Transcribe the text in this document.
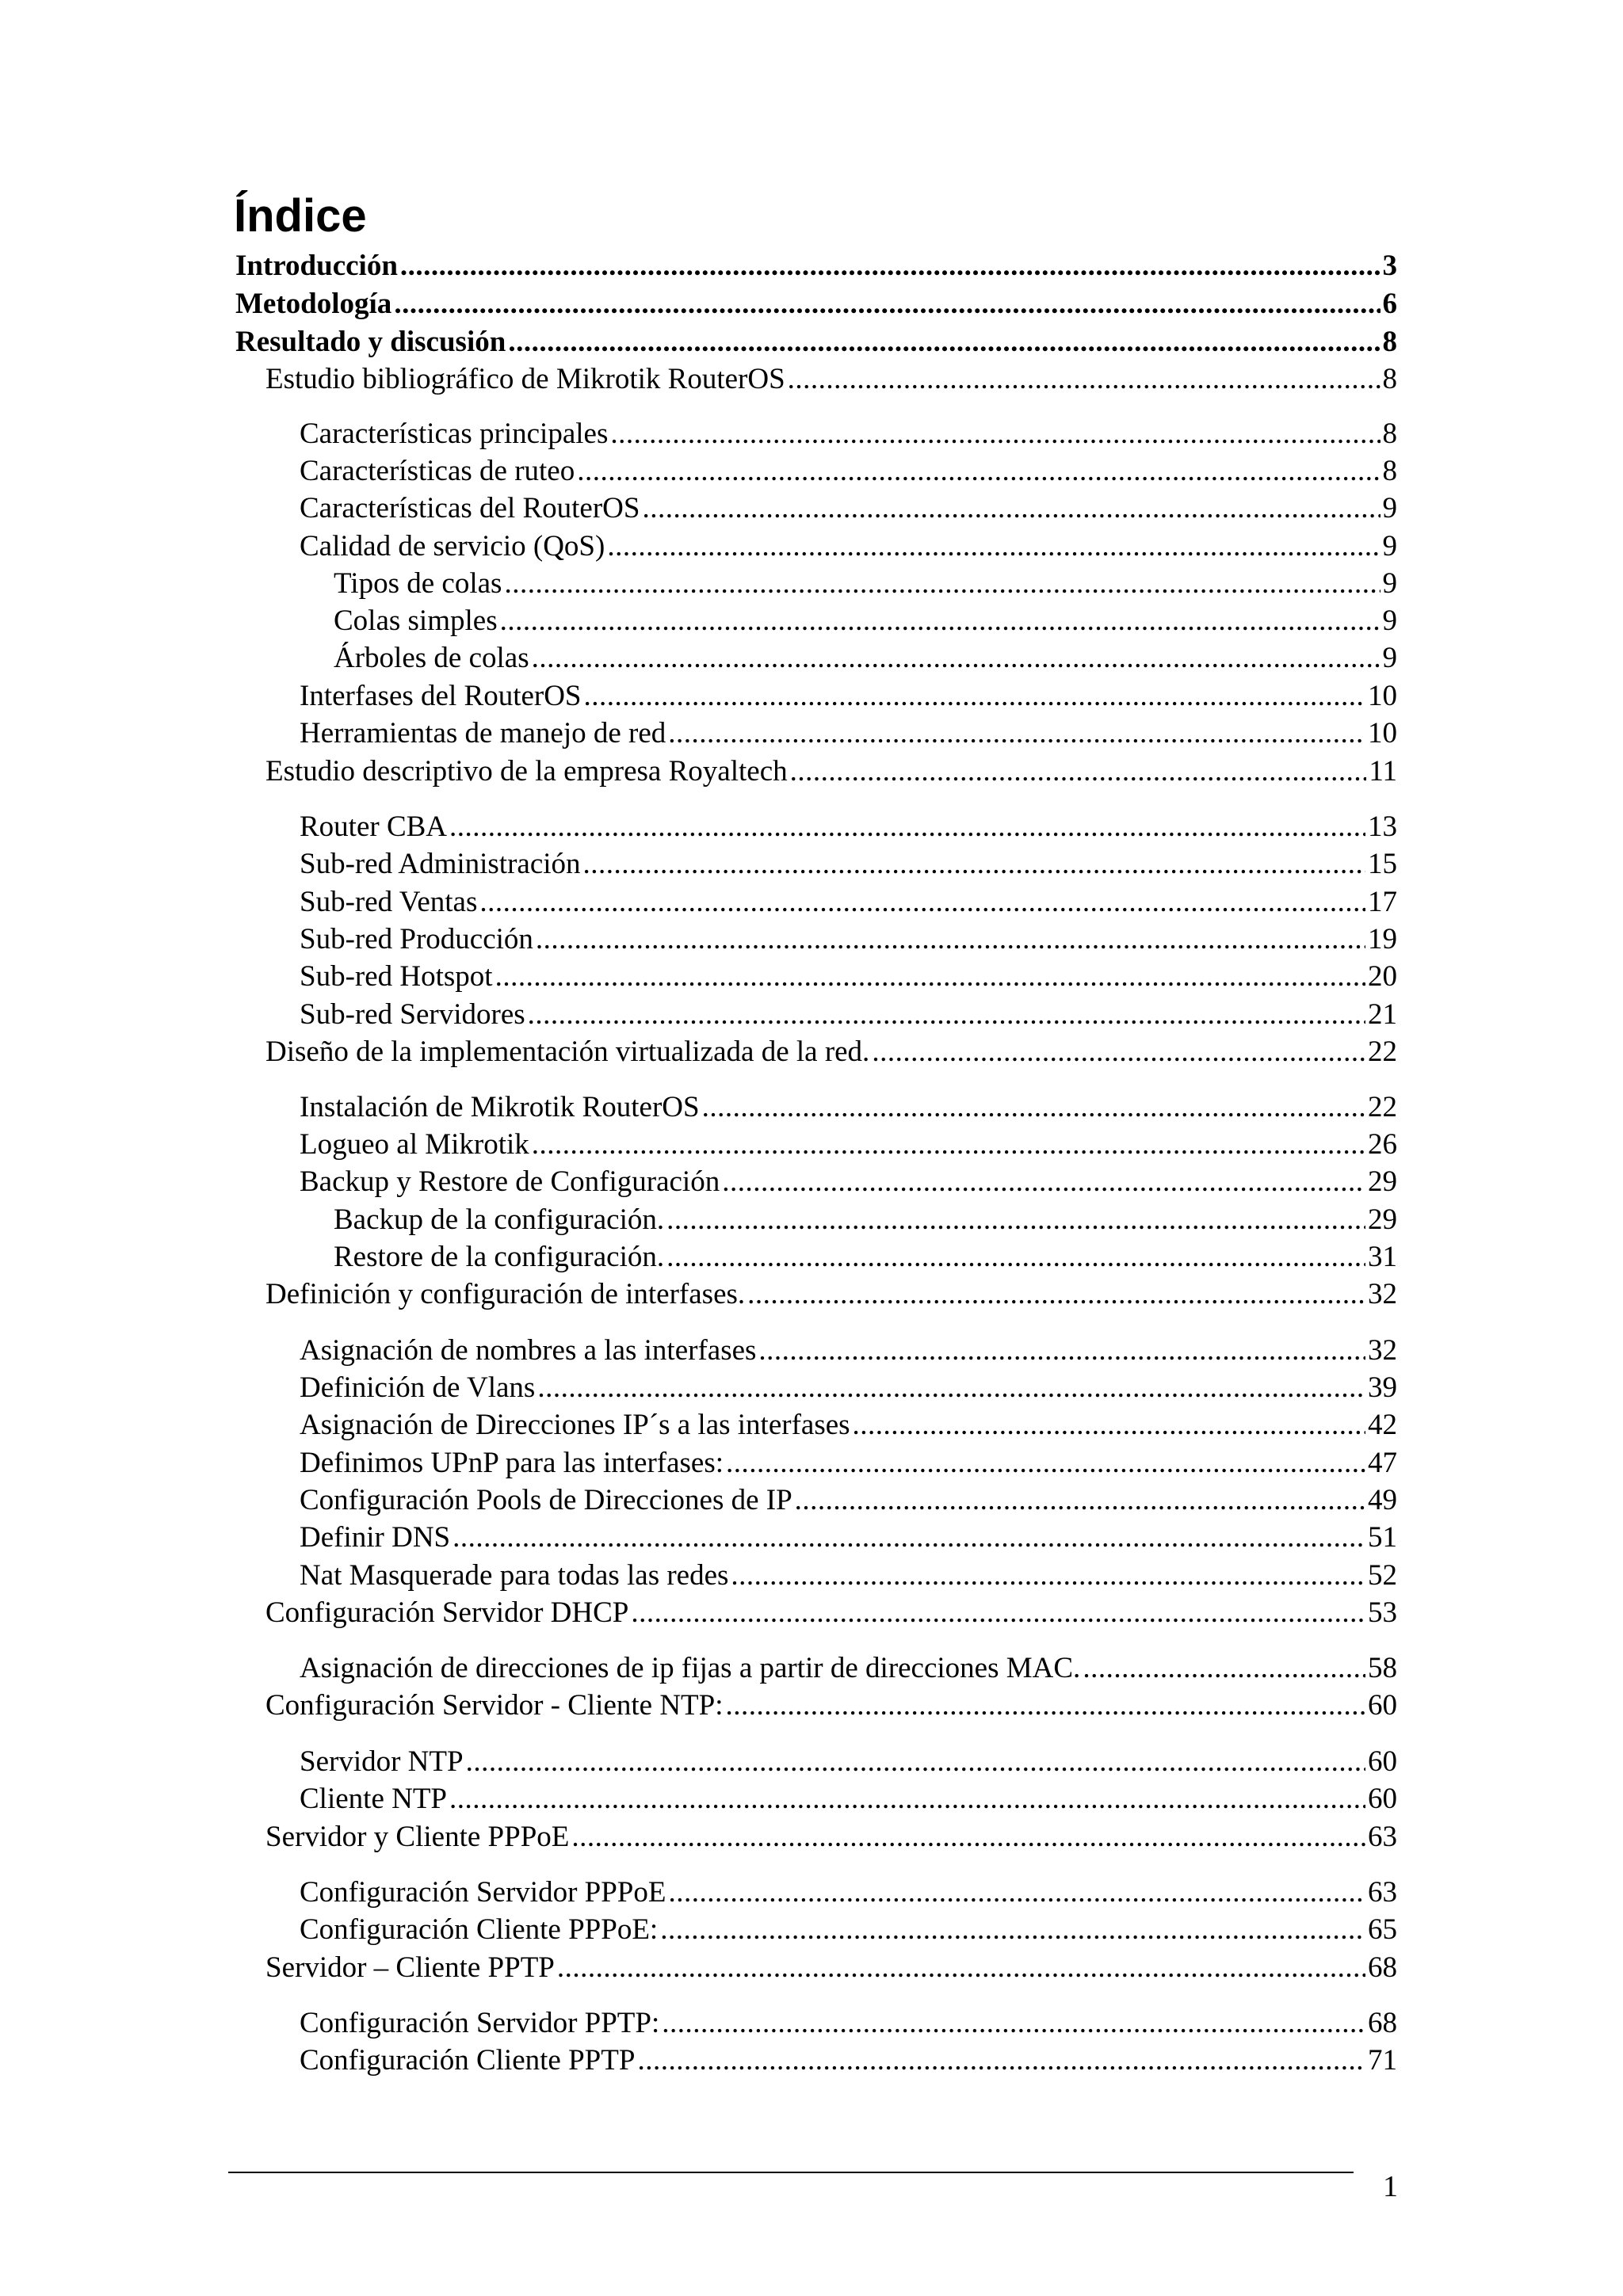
Índice
Introducción .....	3
Metodología .....	6
Resultado y discusión .....	8
Estudio bibliográfico de Mikrotik RouterOS .....	8
Características principales .....	8
Características de ruteo .....	8
Características del RouterOS .....	9
Calidad de servicio (QoS) .....	9
Tipos de colas .....	9
Colas simples .....	9
Árboles de colas .....	9
Interfases del RouterOS .....	10
Herramientas de manejo de red .....	10
Estudio descriptivo de la empresa Royaltech .....	11
Router CBA .....	13
Sub-red Administración .....	15
Sub-red Ventas .....	17
Sub-red Producción .....	19
Sub-red Hotspot .....	20
Sub-red Servidores .....	21
Diseño de la implementación virtualizada de la red. .....	22
Instalación de Mikrotik RouterOS .....	22
Logueo al Mikrotik .....	26
Backup y Restore de Configuración .....	29
Backup de la configuración. .....	29
Restore de la configuración. .....	31
Definición y configuración de interfases. .....	32
Asignación de nombres a las interfases .....	32
Definición de Vlans .....	39
Asignación de Direcciones IP´s a las interfases .....	42
Definimos UPnP para las interfases: .....	47
Configuración Pools de Direcciones de IP .....	49
Definir DNS .....	51
Nat Masquerade para todas las redes .....	52
Configuración Servidor DHCP .....	53
Asignación de direcciones de ip fijas a partir de direcciones MAC. .....	58
Configuración Servidor - Cliente NTP: .....	60
Servidor NTP .....	60
Cliente NTP .....	60
Servidor y Cliente PPPoE .....	63
Configuración Servidor PPPoE .....	63
Configuración Cliente PPPoE: .....	65
Servidor – Cliente PPTP .....	68
Configuración Servidor PPTP: .....	68
Configuración Cliente PPTP .....	71
1
